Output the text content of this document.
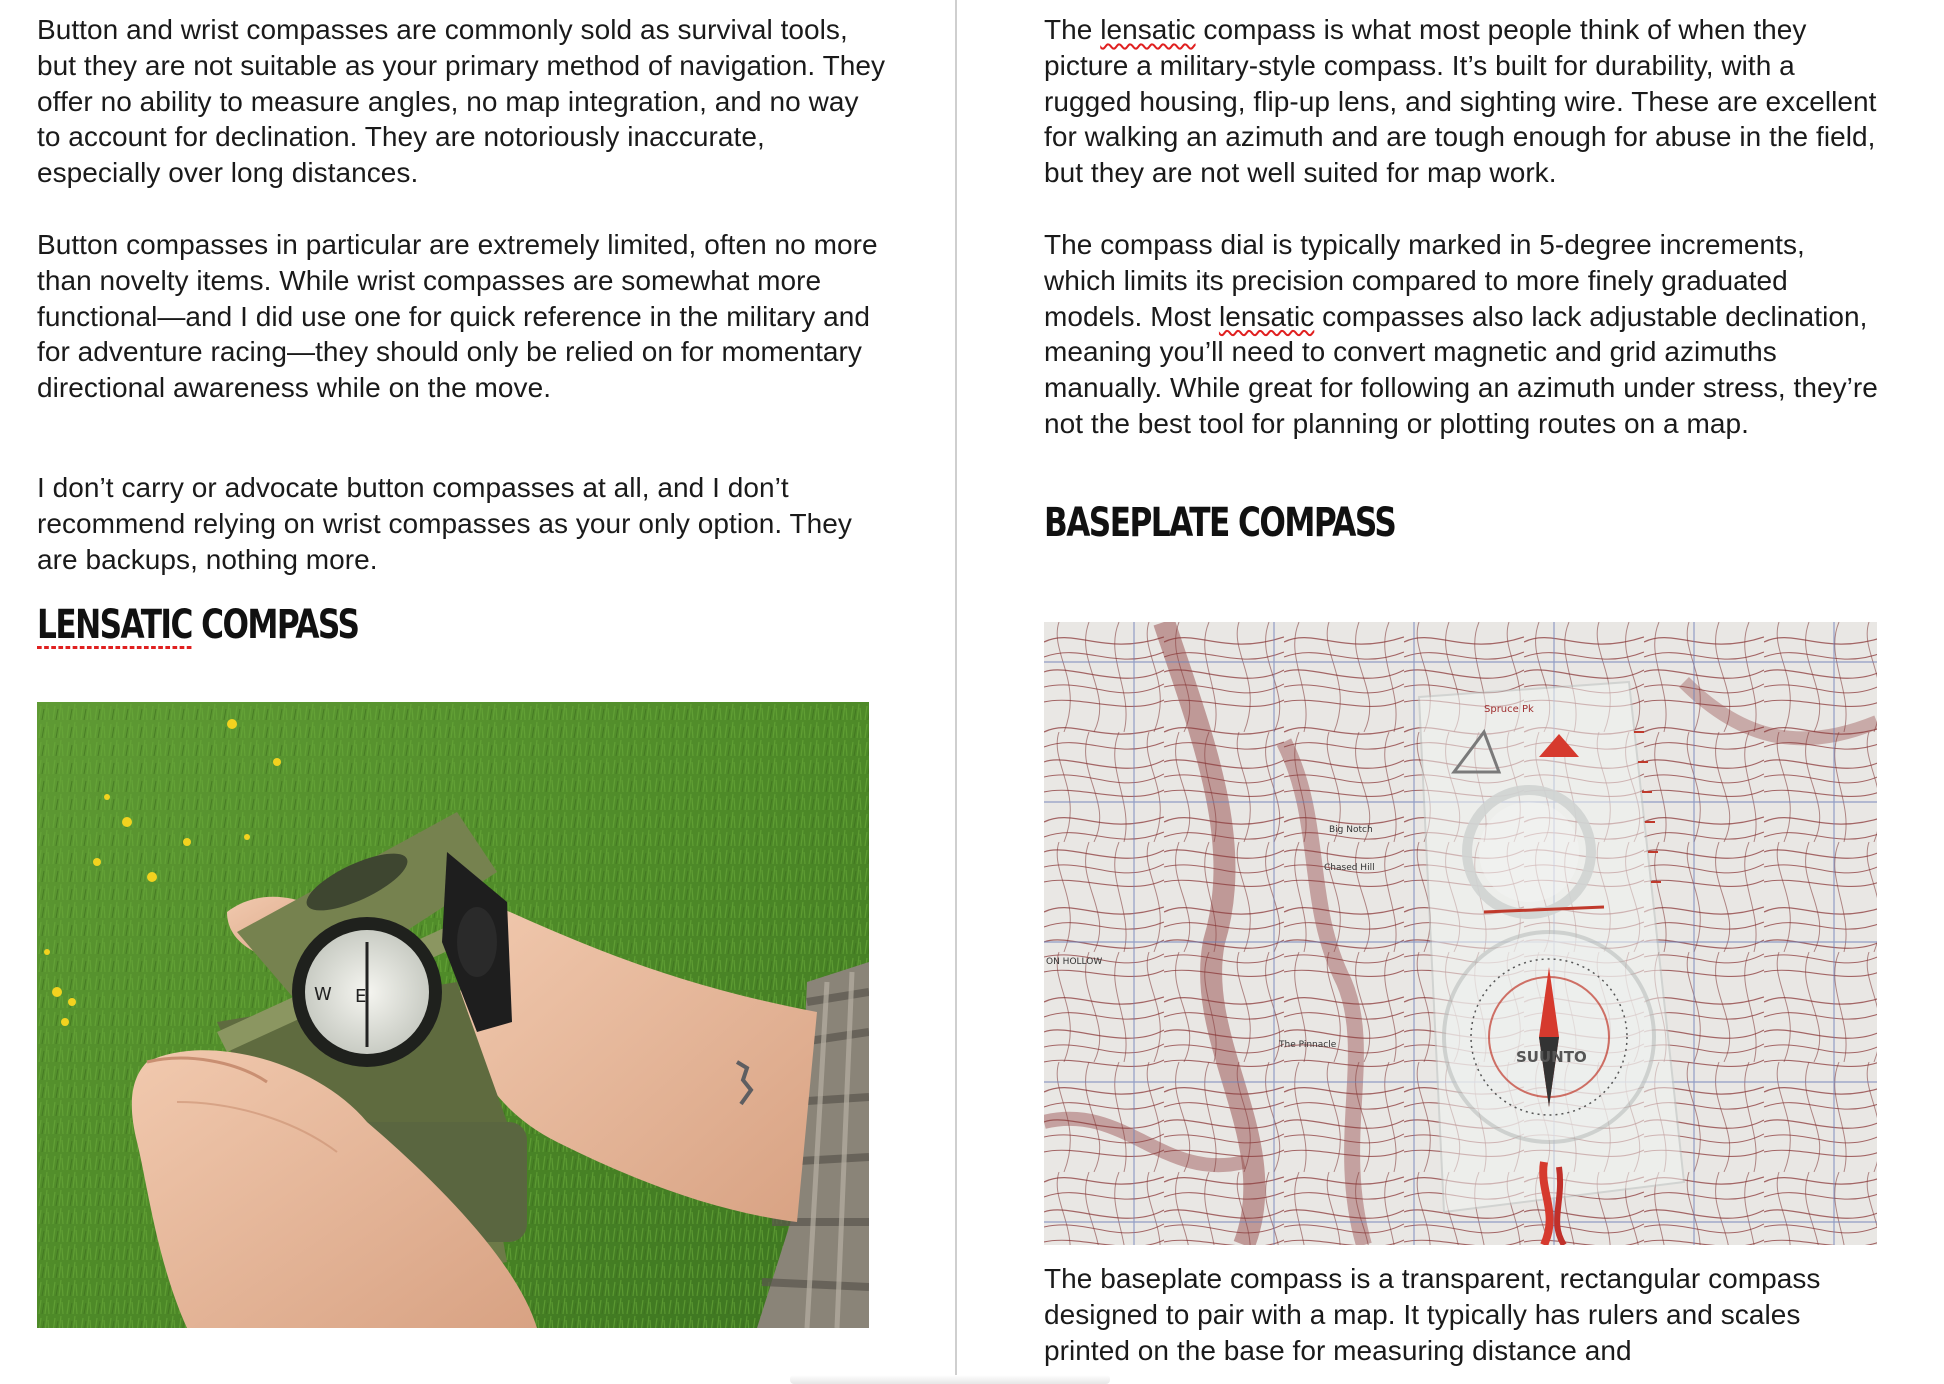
Button and wrist compasses are commonly sold as survival tools, but they are not suitable as your primary method of navigation. They offer no ability to measure angles, no map integration, and no way to account for declination. They are notoriously inaccurate, especially over long distances.

Button compasses in particular are extremely limited, often no more than novelty items. While wrist compasses are somewhat more functional—and I did use one for quick reference in the military and for adventure racing—they should only be relied on for momentary directional awareness while on the move.

I don’t carry or advocate button compasses at all, and I don’t recommend relying on wrist compasses as your only option. They are backups, nothing more.

LENSATIC COMPASS
W E

The lensatic compass is what most people think of when they picture a military-style compass. It’s built for durability, with a rugged housing, flip-up lens, and sighting wire. These are excellent for walking an azimuth and are tough enough for abuse in the field, but they are not well suited for map work.

The compass dial is typically marked in 5-degree increments, which limits its precision compared to more finely graduated models. Most lensatic compasses also lack adjustable declination, meaning you’ll need to convert magnetic and grid azimuths manually. While great for following an azimuth under stress, they’re not the best tool for planning or plotting routes on a map.

BASEPLATE COMPASS
Big Notch
Chased Hill
ON HOLLOW
The Pinnacle
Spruce Pk
SUUNTO

The baseplate compass is a transparent, rectangular compass designed to pair with a map. It typically has rulers and scales printed on the base for measuring distance and
